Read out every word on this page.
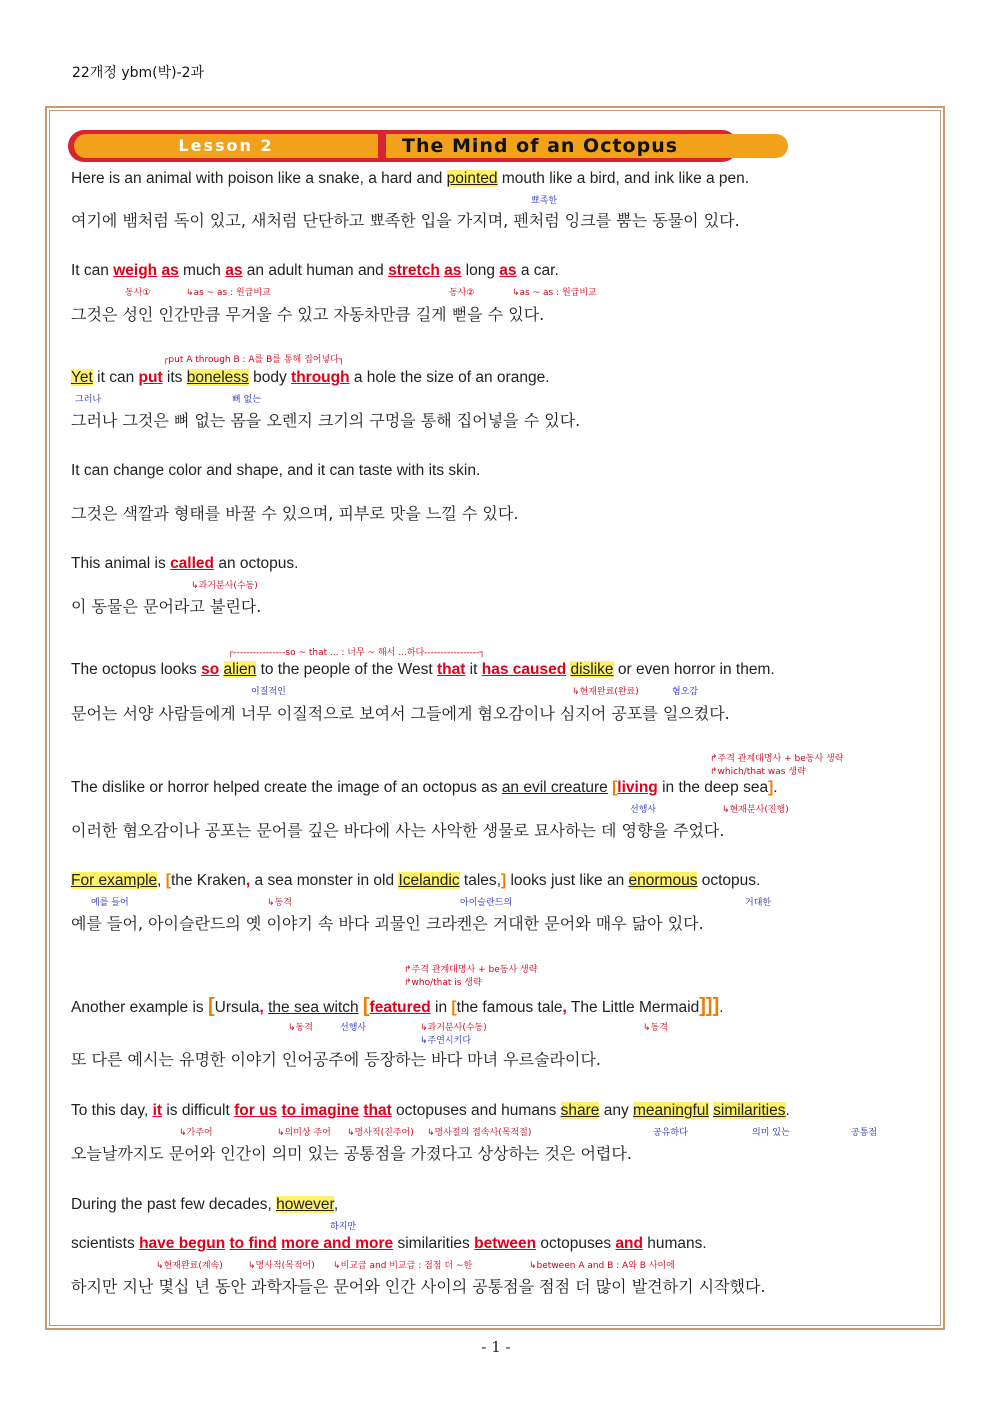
22개정 ybm(박)-2과
Lesson 2	The Mind of an Octopus
Here is an animal with poison like a snake, a hard and pointed mouth like a bird, and ink like a pen.
뾰족한
여기에 뱀처럼 독이 있고, 새처럼 단단하고 뾰족한 입을 가지며, 펜처럼 잉크를 뿜는 동물이 있다.
It can weigh as much as an adult human and stretch as long as a car.
동사①	↳as ~ as : 원급비교	동사②	↳as ~ as : 원급비교
그것은 성인 인간만큼 무거울 수 있고 자동차만큼 길게 뻗을 수 있다.
┌put A through B : A를 B를 통해 집어넣다┐
Yet it can put its boneless body through a hole the size of an orange.
그러나	뼈 없는
그러나 그것은 뼈 없는 몸을 오렌지 크기의 구멍을 통해 집어넣을 수 있다.
It can change color and shape, and it can taste with its skin.
그것은 색깔과 형태를 바꿀 수 있으며, 피부로 맛을 느낄 수 있다.
This animal is called an octopus.
↳과거분사(수동)
이 동물은 문어라고 불린다.
┌----------------so ~ that ... : 너무 ~ 해서 ...하다-----------------┐
The octopus looks so alien to the people of the West that it has caused dislike or even horror in them.
이질적인	↳현재완료(완료)	혐오감
문어는 서양 사람들에게 너무 이질적으로 보여서 그들에게 혐오감이나 심지어 공포를 일으켰다.
↱주격 관계대명사 + be동사 생략
↱which/that was 생략
The dislike or horror helped create the image of an octopus as an evil creature [living in the deep sea].
선행사	↳현재분사(진행)
이러한 혐오감이나 공포는 문어를 깊은 바다에 사는 사악한 생물로 묘사하는 데 영향을 주었다.
For example, [the Kraken, a sea monster in old Icelandic tales,] looks just like an enormous octopus.
예를 들어	↳동격	아이슬란드의	거대한
예를 들어, 아이슬란드의 옛 이야기 속 바다 괴물인 크라켄은 거대한 문어와 매우 닮아 있다.
↱주격 관계대명사 + be동사 생략
↱who/that is 생략
Another example is [Ursula, the sea witch [featured in [the famous tale, The Little Mermaid]]].
↳동격	선행사	↳과거분사(수동)
↳주연시키다
↳동격
또 다른 예시는 유명한 이야기 인어공주에 등장하는 바다 마녀 우르술라이다.
To this day, it is difficult for us to imagine that octopuses and humans share any meaningful similarities.
↳가주어	↳의미상 주어 ↳명사적(진주어) ↳명사절의 접속사(목적절)	공유하다	의미 있는	공통점
오늘날까지도 문어와 인간이 의미 있는 공통점을 가졌다고 상상하는 것은 어렵다.
During the past few decades, however,
하지만
scientists have begun to find more and more similarities between octopuses and humans.
↳현재완료(계속)	↳명사적(목적어) ↳비교급 and 비교급 : 점점 더 ~한	↳between A and B : A와 B 사이에
하지만 지난 몇십 년 동안 과학자들은 문어와 인간 사이의 공통점을 점점 더 많이 발견하기 시작했다.
- 1 -
